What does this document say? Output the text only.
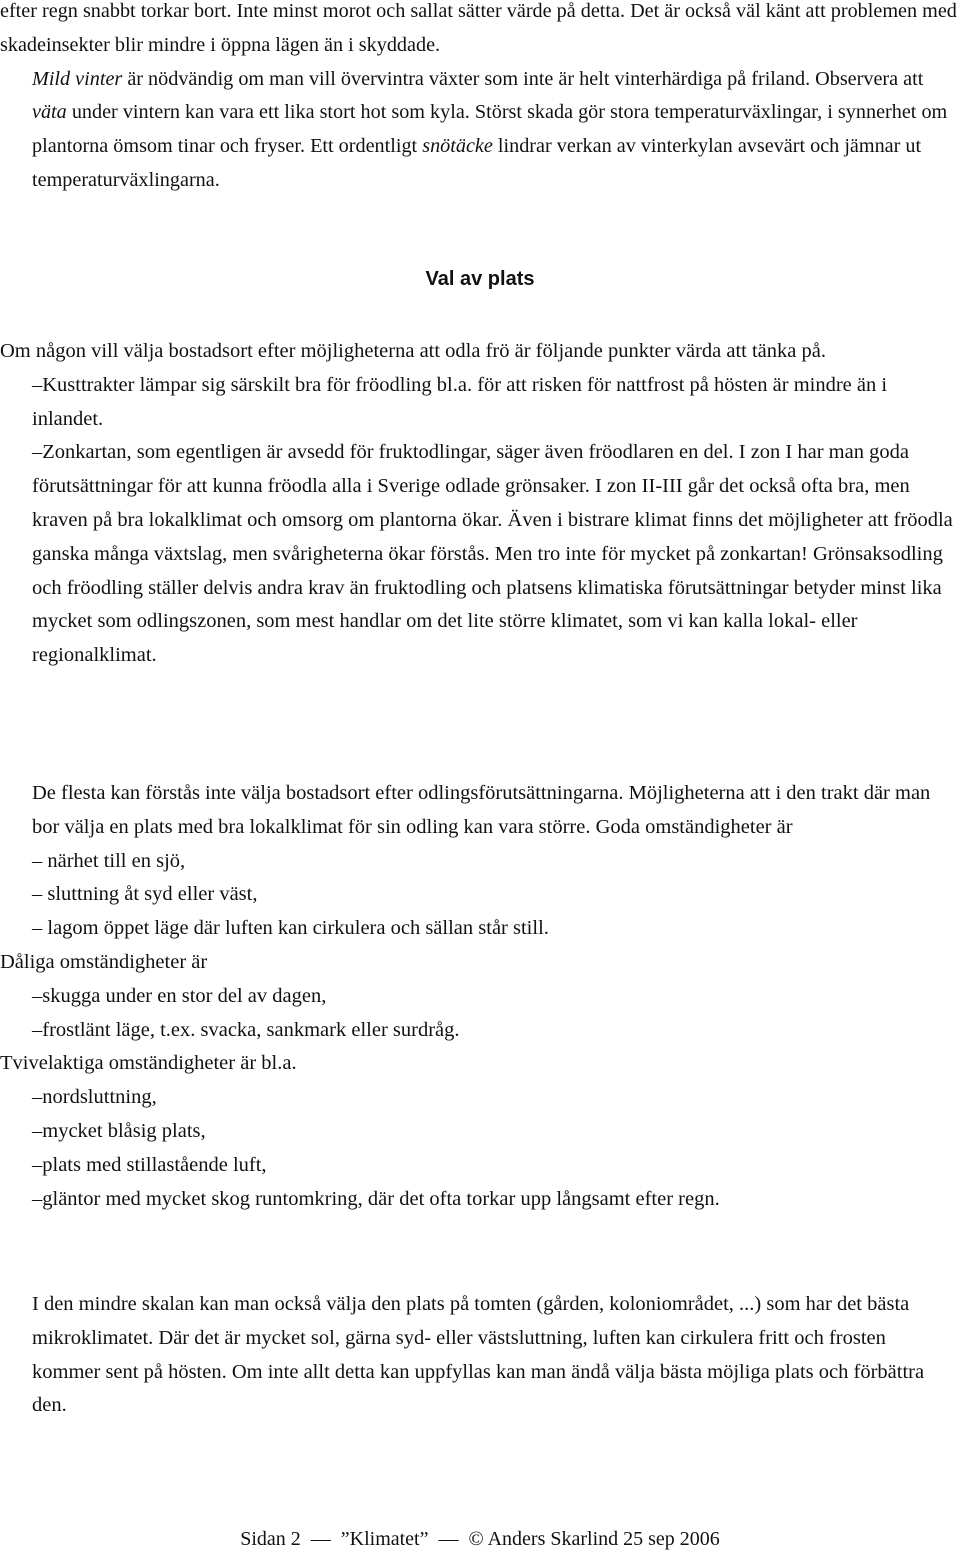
efter regn snabbt torkar bort. Inte minst morot och sallat sätter värde på detta. Det är också väl känt att problemen med skadeinsekter blir mindre i öppna lägen än i skyddade.

Mild vinter är nödvändig om man vill övervintra växter som inte är helt vinterhärdiga på friland. Observera att väta under vintern kan vara ett lika stort hot som kyla. Störst skada gör stora temperaturväxlingar, i synnerhet om plantorna ömsom tinar och fryser. Ett ordentligt snötäcke lindrar verkan av vinterkylan avsevärt och jämnar ut temperaturväxlingarna.

Val av plats
Om någon vill välja bostadsort efter möjligheterna att odla frö är följande punkter värda att tänka på.
–Kusttrakter lämpar sig särskilt bra för fröodling bl.a. för att risken för nattfrost på hösten är mindre än i inlandet.
–Zonkartan, som egentligen är avsedd för fruktodlingar, säger även fröodlaren en del. I zon I har man goda förutsättningar för att kunna fröodla alla i Sverige odlade grönsaker. I zon II-III går det också ofta bra, men kraven på bra lokalklimat och omsorg om plantorna ökar. Även i bistrare klimat finns det möjligheter att fröodla ganska många växtslag, men svårigheterna ökar förstås. Men tro inte för mycket på zonkartan! Grönsaksodling och fröodling ställer delvis andra krav än fruktodling och platsens klimatiska förutsättningar betyder minst lika mycket som odlingszonen, som mest handlar om det lite större klimatet, som vi kan kalla lokal- eller regionalklimat.
De flesta kan förstås inte välja bostadsort efter odlingsförutsättningarna. Möjligheterna att i den trakt där man bor välja en plats med bra lokalklimat för sin odling kan vara större. Goda omständigheter är
– närhet till en sjö,
– sluttning åt syd eller väst,
– lagom öppet läge där luften kan cirkulera och sällan står still.
Dåliga omständigheter är
–skugga under en stor del av dagen,
–frostlänt läge, t.ex. svacka, sankmark eller surdråg.
Tvivelaktiga omständigheter är bl.a.
–nordsluttning,
–mycket blåsig plats,
–plats med stillastående luft,
–gläntor med mycket skog runtomkring, där det ofta torkar upp långsamt efter regn.
I den mindre skalan kan man också välja den plats på tomten (gården, koloniområdet, ...) som har det bästa mikroklimatet. Där det är mycket sol, gärna syd- eller västsluttning, luften kan cirkulera fritt och frosten kommer sent på hösten. Om inte allt detta kan uppfyllas kan man ändå välja bästa möjliga plats och förbättra den.
Sidan 2  —  ”Klimatet”  —  © Anders Skarlind 25 sep 2006
